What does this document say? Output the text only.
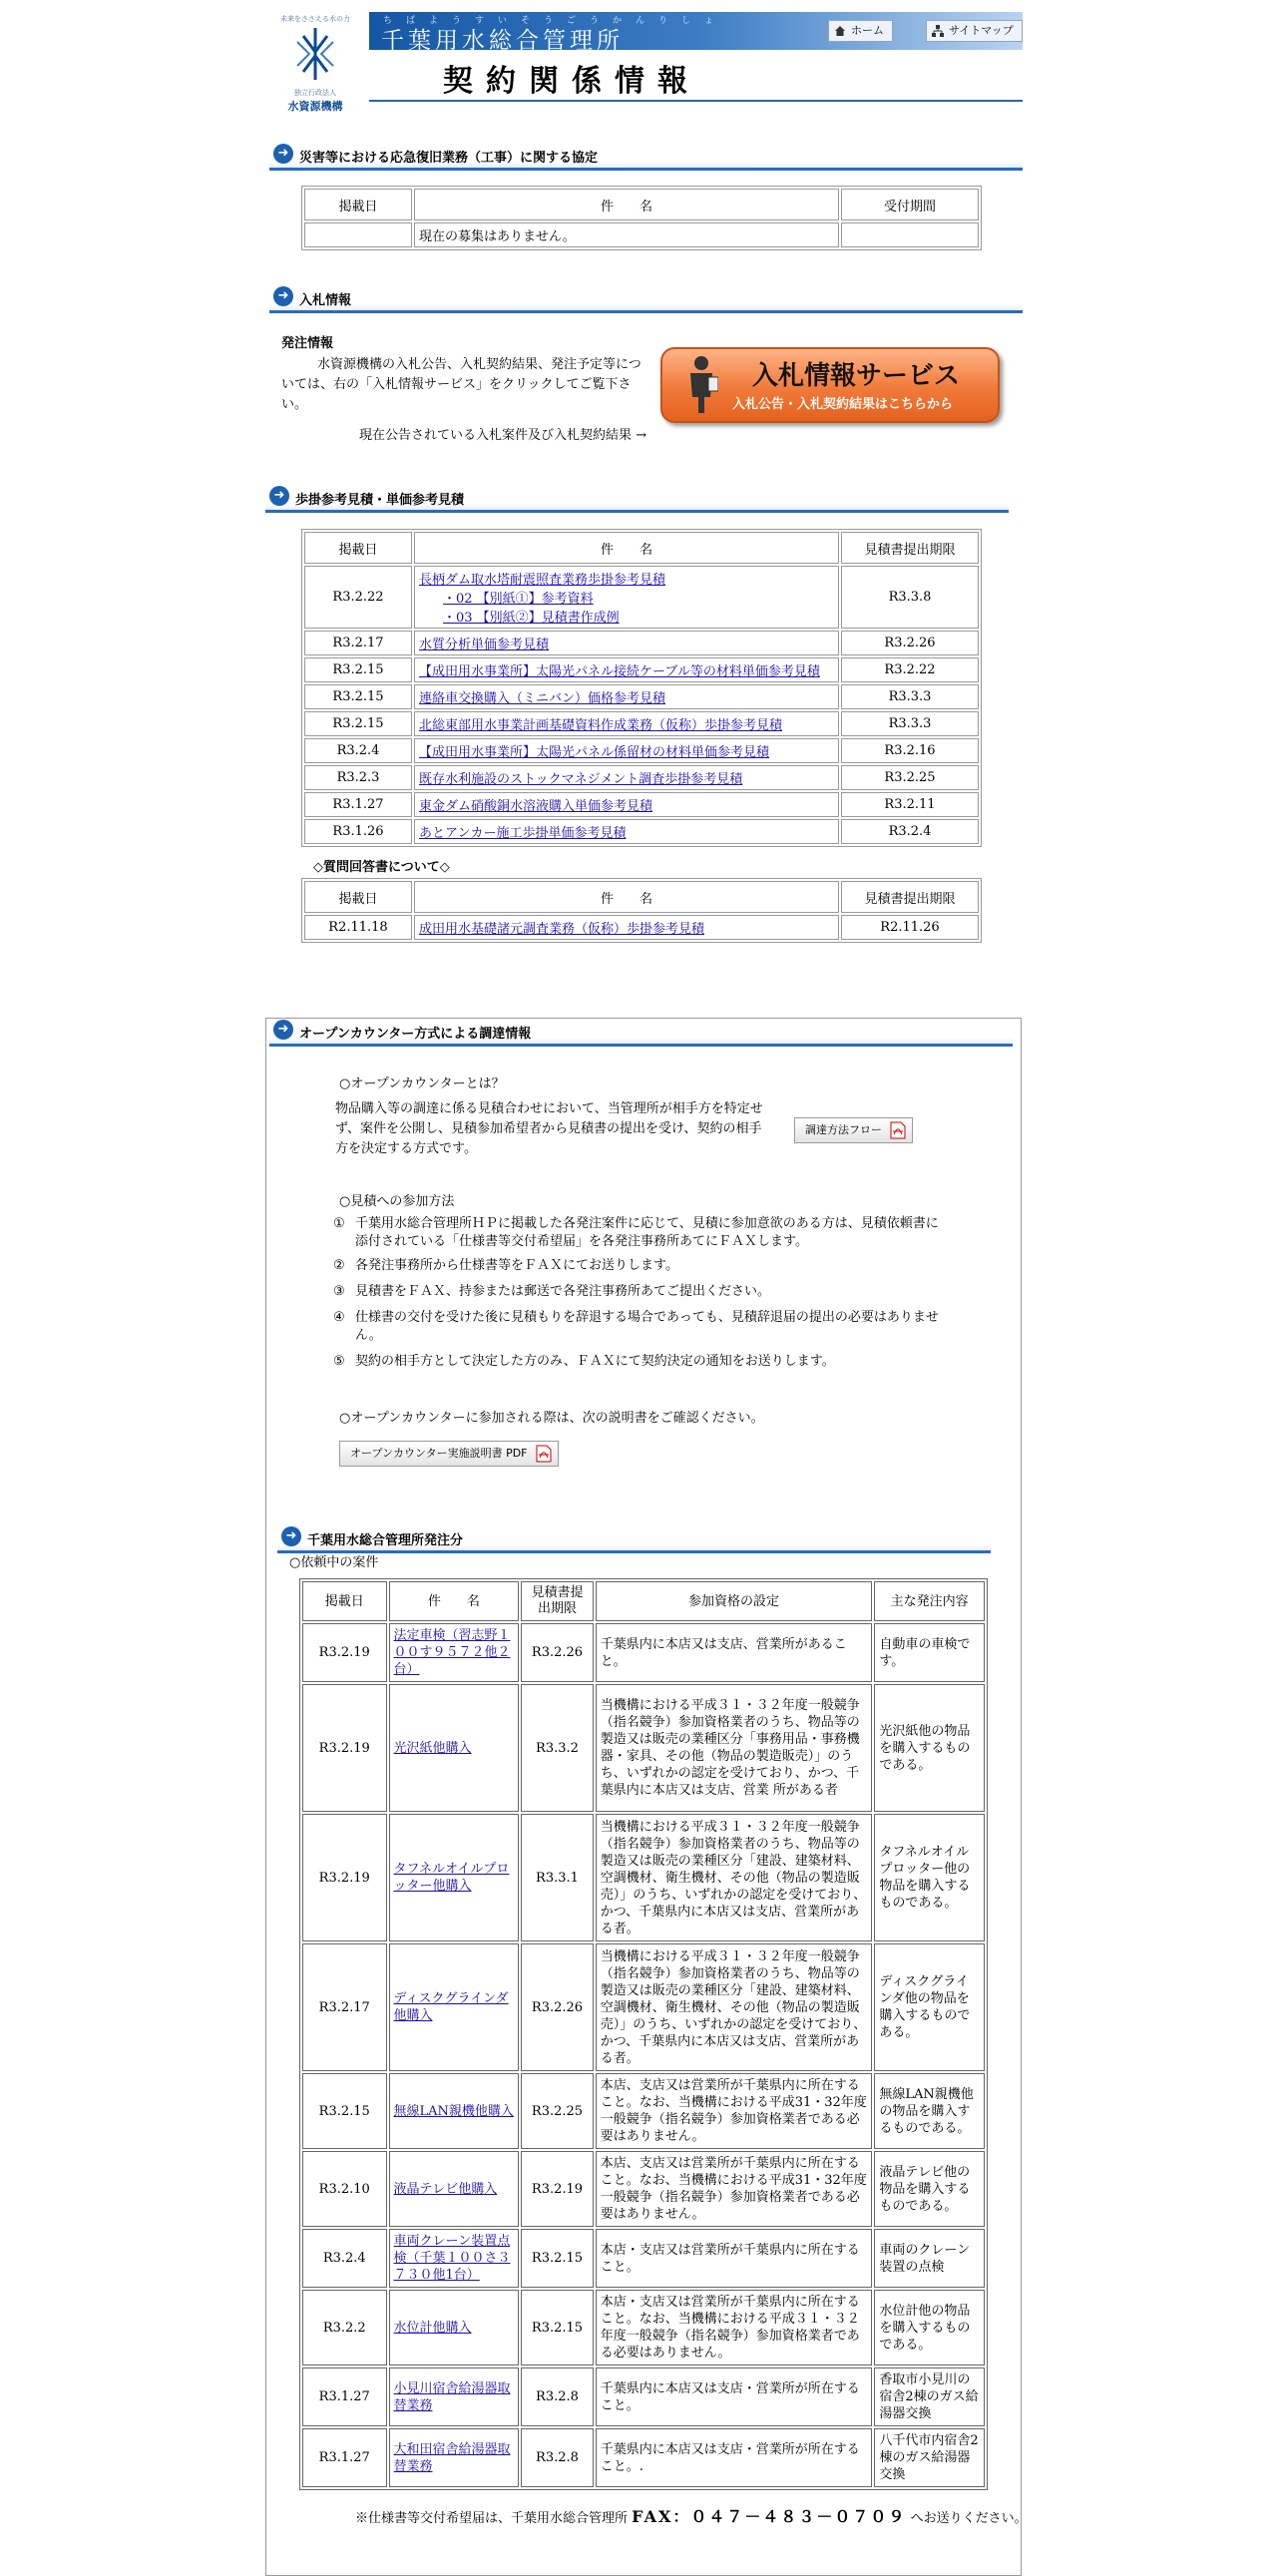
未来をささえる水の力
独立行政法人
水資源機構
ちばようすいそうごうかんりしょ
千葉用水総合管理所	ホーム	サイトマップ
契約関係情報
➜ 災害等における応急復旧業務（工事）に関する協定
掲載日	件　　名	受付期間
	現在の募集はありません。	
➜ 入札情報
発注情報
水資源機構の入札公告、入札契約結果、発注予定等については、右の「入札情報サービス」をクリックしてご覧下さい。
現在公告されている入札案件及び入札契約結果 →
入札情報サービス
入札公告・入札契約結果はこちらから
➜ 歩掛参考見積・単価参考見積
掲載日	件　　名	見積書提出期限
R3.2.22	長柄ダム取水塔耐震照査業務歩掛参考見積
・02 【別紙①】参考資料
・03 【別紙②】見積書作成例	R3.3.8
R3.2.17	水質分析単価参考見積	R3.2.26
R3.2.15	【成田用水事業所】太陽光パネル接続ケーブル等の材料単価参考見積	R3.2.22
R3.2.15	連絡車交換購入（ミニバン）価格参考見積	R3.3.3
R3.2.15	北総東部用水事業計画基礎資料作成業務（仮称）歩掛参考見積	R3.3.3
R3.2.4	【成田用水事業所】太陽光パネル係留材の材料単価参考見積	R3.2.16
R3.2.3	既存水利施設のストックマネジメント調査歩掛参考見積	R3.2.25
R3.1.27	東金ダム硝酸銅水溶液購入単価参考見積	R3.2.11
R3.1.26	あとアンカー施工歩掛単価参考見積	R3.2.4
◇質問回答書について◇
掲載日	件　　名	見積書提出期限
R2.11.18	成田用水基礎諸元調査業務（仮称）歩掛参考見積	R2.11.26
➜ オープンカウンター方式による調達情報
○オープンカウンターとは？
物品購入等の調達に係る見積合わせにおいて、当管理所が相手方を特定せず、案件を公開し、見積参加希望者から見積書の提出を受け、契約の相手方を決定する方式です。
調達方法フロー
○見積への参加方法
① 千葉用水総合管理所ＨＰに掲載した各発注案件に応じて、見積に参加意欲のある方は、見積依頼書に添付されている「仕様書等交付希望届」を各発注事務所あてにＦＡＸします。
② 各発注事務所から仕様書等をＦＡＸにてお送りします。
③ 見積書をＦＡＸ、持参または郵送で各発注事務所あてご提出ください。
④ 仕様書の交付を受けた後に見積もりを辞退する場合であっても、見積辞退届の提出の必要はありません。
⑤ 契約の相手方として決定した方のみ、ＦＡＸにて契約決定の通知をお送りします。
○オープンカウンターに参加される際は、次の説明書をご確認ください。
オープンカウンター実施説明書 PDF
➜ 千葉用水総合管理所発注分
○依頼中の案件
掲載日	件　　名	見積書提出期限	参加資格の設定	主な発注内容
R3.2.19	法定車検（習志野１００す９５７２他２台）	R3.2.26	千葉県内に本店又は支店、営業所があること。	自動車の車検です。
R3.2.19	光沢紙他購入	R3.3.2	当機構における平成３１・３２年度一般競争（指名競争）参加資格業者のうち、物品等の製造又は販売の業種区分「事務用品・事務機器・家具、その他（物品の製造販売）」のうち、いずれかの認定を受けており、かつ、千葉県内に本店又は支店、営業 所がある者	光沢紙他の物品を購入するものである。
R3.2.19	タフネルオイルプロッター他購入	R3.3.1	当機構における平成３１・３２年度一般競争（指名競争）参加資格業者のうち、物品等の製造又は販売の業種区分「建設、建築材料、空調機材、衛生機材、その他（物品の製造販売）」のうち、いずれかの認定を受けており、かつ、千葉県内に本店又は支店、営業所がある者。	タフネルオイルプロッター他の物品を購入するものである。
R3.2.17	ディスクグラインダ他購入	R3.2.26	当機構における平成３１・３２年度一般競争（指名競争）参加資格業者のうち、物品等の製造又は販売の業種区分「建設、建築材料、空調機材、衛生機材、その他（物品の製造販売）」のうち、いずれかの認定を受けており、かつ、千葉県内に本店又は支店、営業所がある者。	ディスクグラインダ他の物品を購入するものである。
R3.2.15	無線LAN親機他購入	R3.2.25	本店、支店又は営業所が千葉県内に所在すること。なお、当機構における平成31・32年度一般競争（指名競争）参加資格業者である必要はありません。	無線LAN親機他の物品を購入するものである。
R3.2.10	液晶テレビ他購入	R3.2.19	本店、支店又は営業所が千葉県内に所在すること。なお、当機構における平成31・32年度一般競争（指名競争）参加資格業者である必要はありません。	液晶テレビ他の物品を購入するものである。
R3.2.4	車両クレーン装置点検（千葉１００さ３７３０他1台）	R3.2.15	本店・支店又は営業所が千葉県内に所在すること。	車両のクレーン装置の点検
R3.2.2	水位計他購入	R3.2.15	本店・支店又は営業所が千葉県内に所在すること。なお、当機構における平成３１・３２年度一般競争（指名競争）参加資格業者である必要はありません。	水位計他の物品を購入するものである。
R3.1.27	小見川宿舎給湯器取替業務	R3.2.8	千葉県内に本店又は支店・営業所が所在すること。	香取市小見川の宿舎2棟のガス給湯器交換
R3.1.27	大和田宿舎給湯器取替業務	R3.2.8	千葉県内に本店又は支店・営業所が所在すること。.	八千代市内宿舎2棟のガス給湯器交換
※仕様書等交付希望届は、千葉用水総合管理所 FAX：０４７－４８３－０７０９ へお送りください。
